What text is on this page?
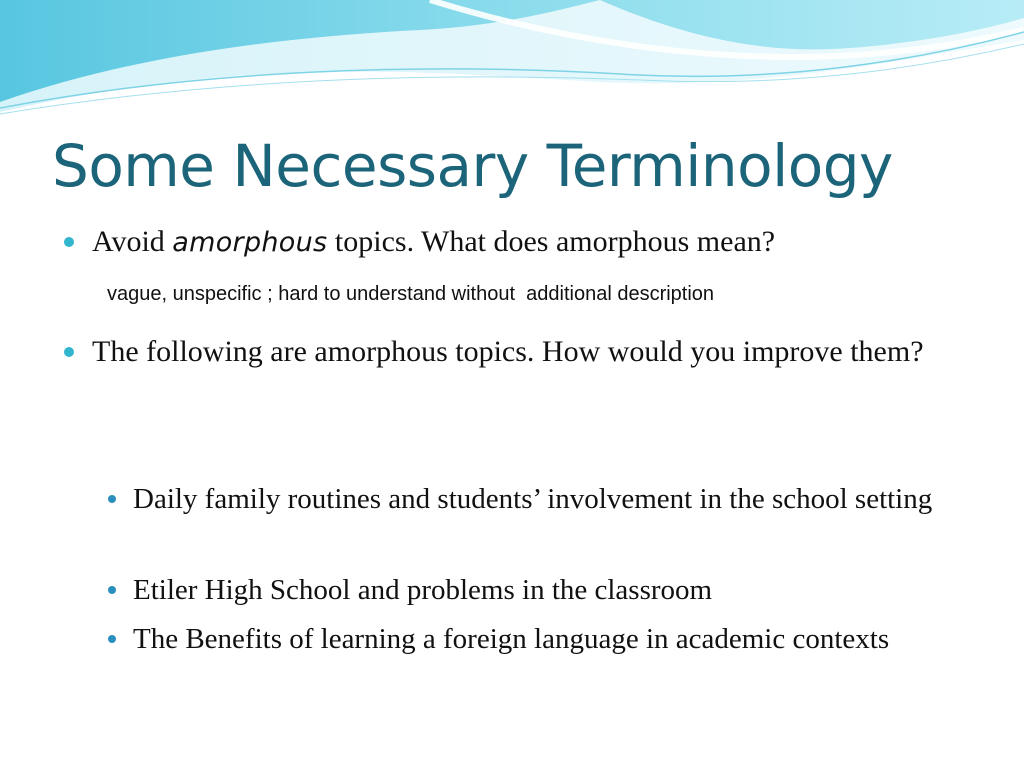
Some Necessary Terminology

Avoid amorphous topics. What does amorphous mean?

vague, unspecific ; hard to understand without  additional description

The following are amorphous topics. How would you improve them?

Daily family routines and students’ involvement in the school setting

Etiler High School and problems in the classroom

The Benefits of learning a foreign language in academic contexts
